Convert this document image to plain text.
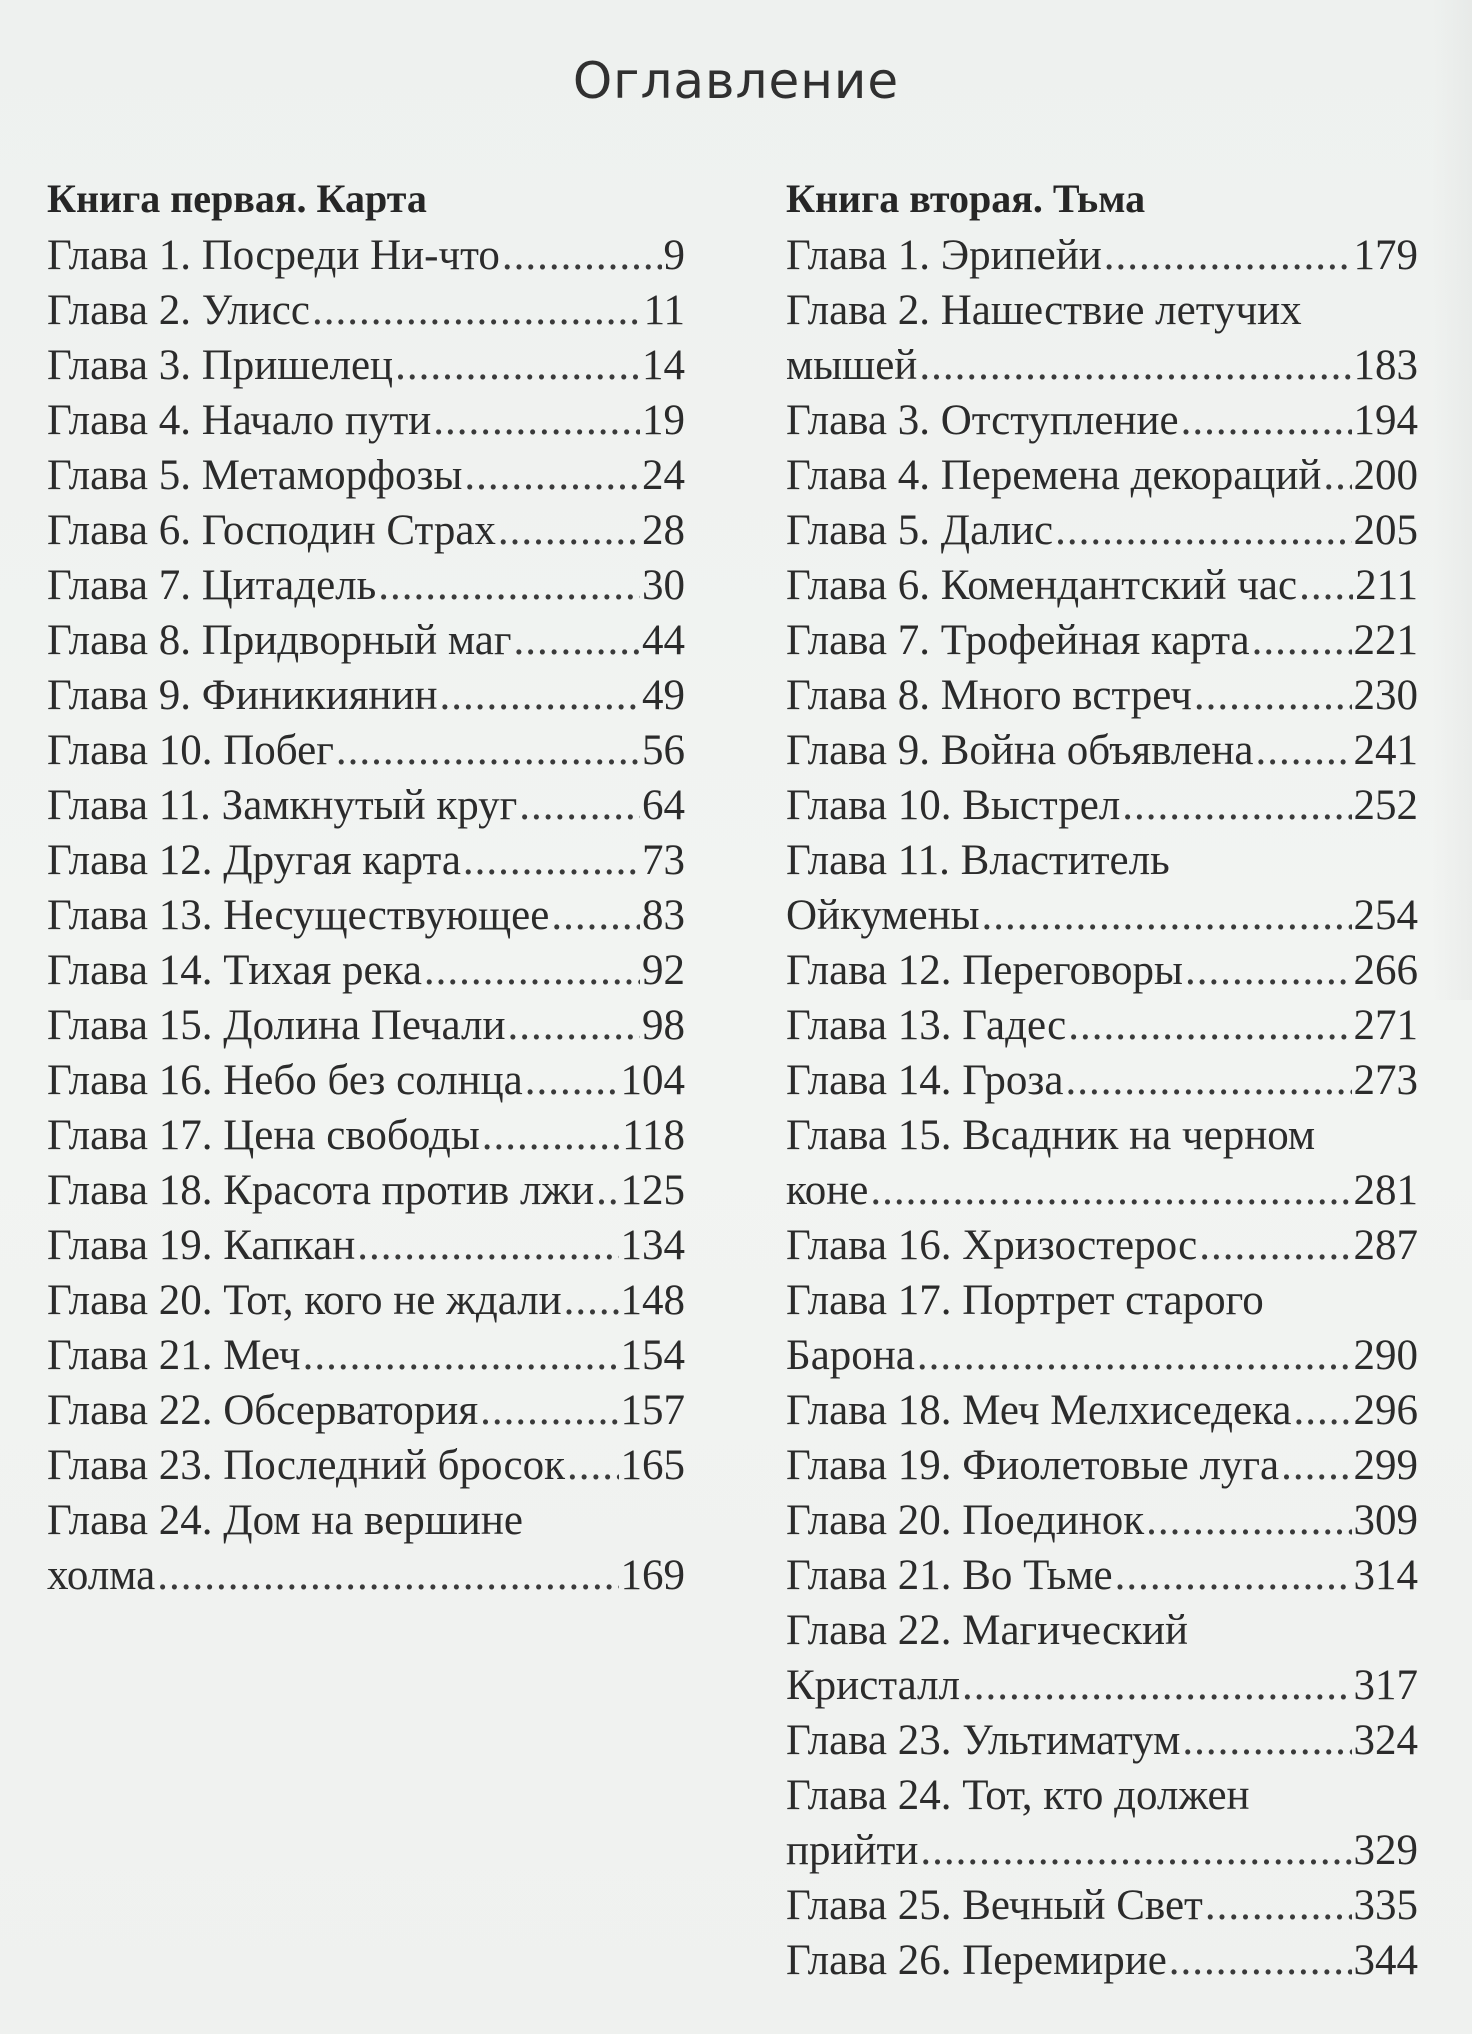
Оглавление
Книга первая. Карта
Глава 1. Посреди Ни-что .....	9
Глава 2. Улисс .....	11
Глава 3. Пришелец .....	14
Глава 4. Начало пути .....	19
Глава 5. Метаморфозы .....	24
Глава 6. Господин Страх .....	28
Глава 7. Цитадель .....	30
Глава 8. Придворный маг .....	44
Глава 9. Финикиянин .....	49
Глава 10. Побег .....	56
Глава 11. Замкнутый круг .....	64
Глава 12. Другая карта .....	73
Глава 13. Несуществующее ..... 83
Глава 14. Тихая река .....	92
Глава 15. Долина Печали .....	98
Глава 16. Небо без солнца ..... 104
Глава 17. Цена свободы .....	118
Глава 18. Красота против лжи ..... 125
Глава 19. Капкан .....	134
Глава 20. Тот, кого не ждали ..... 148
Глава 21. Меч .....	154
Глава 22. Обсерватория .....	157
Глава 23. Последний бросок ..... 165
Глава 24. Дом на вершине
холма .....	169
Книга вторая. Тьма
Глава 1. Эрипейи .....	179
Глава 2. Нашествие летучих
мышей .....	183
Глава 3. Отступление .....	194
Глава 4. Перемена декораций ..... 200
Глава 5. Далис .....	205
Глава 6. Комендантский час ..... 211
Глава 7. Трофейная карта ..... 221
Глава 8. Много встреч .....	230
Глава 9. Война объявлена ..... 241
Глава 10. Выстрел .....	252
Глава 11. Властитель
Ойкумены .....	254
Глава 12. Переговоры .....	266
Глава 13. Гадес .....	271
Глава 14. Гроза .....	273
Глава 15. Всадник на черном
коне .....	281
Глава 16. Хризостерос .....	287
Глава 17. Портрет старого
Барона .....	290
Глава 18. Меч Мелхиседека ..... 296
Глава 19. Фиолетовые луга ..... 299
Глава 20. Поединок .....	309
Глава 21. Во Тьме .....	314
Глава 22. Магический
Кристалл .....	317
Глава 23. Ультиматум .....	324
Глава 24. Тот, кто должен
прийти .....	329
Глава 25. Вечный Свет .....	335
Глава 26. Перемирие .....	344
